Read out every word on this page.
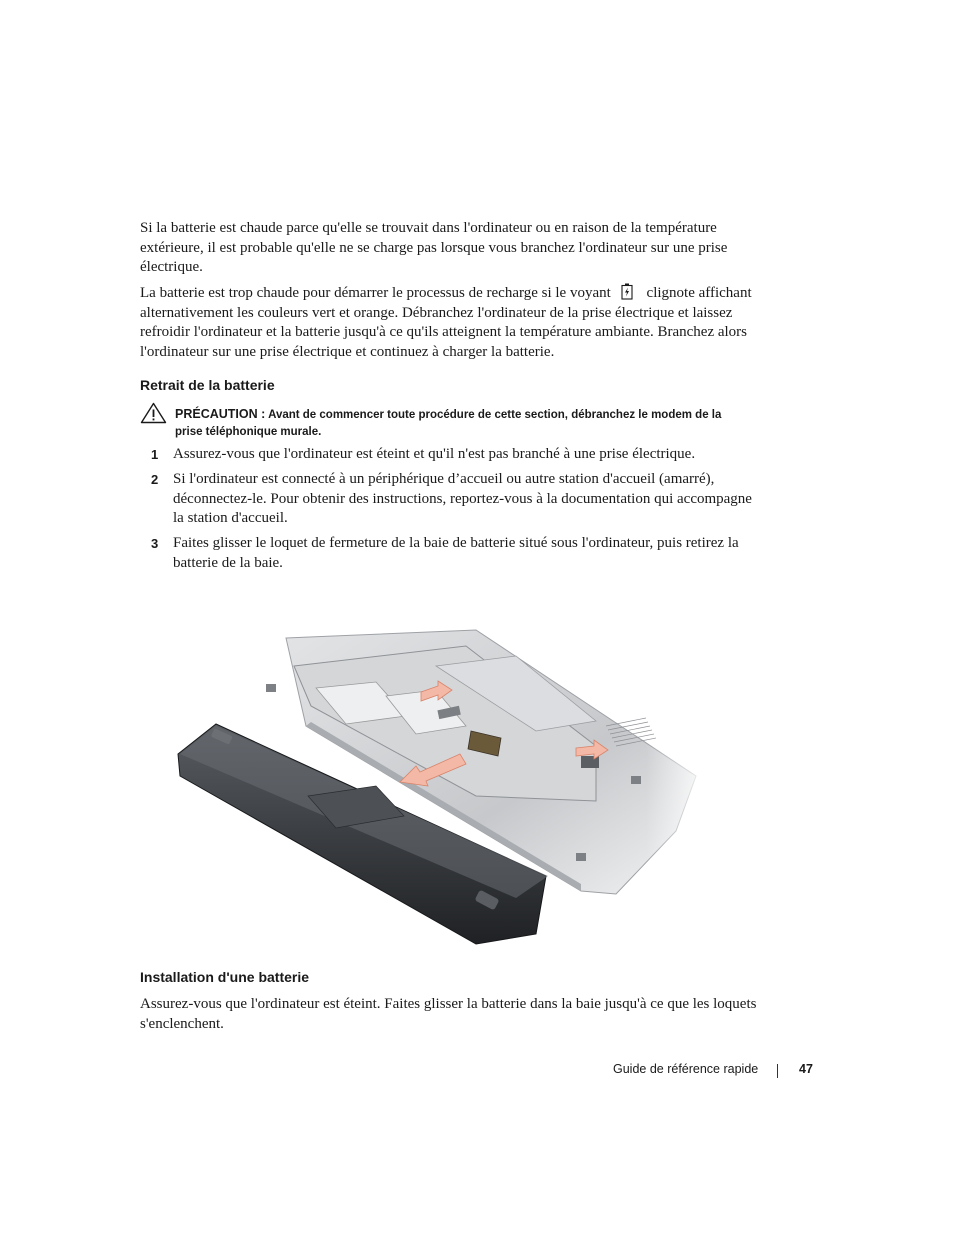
Si la batterie est chaude parce qu'elle se trouvait dans l'ordinateur ou en raison de la température extérieure, il est probable qu'elle ne se charge pas lorsque vous branchez l'ordinateur sur une prise électrique.

La batterie est trop chaude pour démarrer le processus de recharge si le voyant clignote affichant alternativement les couleurs vert et orange. Débranchez l'ordinateur de la prise électrique et laissez refroidir l'ordinateur et la batterie jusqu'à ce qu'ils atteignent la température ambiante. Branchez alors l'ordinateur sur une prise électrique et continuez à charger la batterie.

Retrait de la batterie
PRÉCAUTION : Avant de commencer toute procédure de cette section, débranchez le modem de la prise téléphonique murale.
1 Assurez-vous que l'ordinateur est éteint et qu'il n'est pas branché à une prise électrique.

2 Si l'ordinateur est connecté à un périphérique d’accueil ou autre station d'accueil (amarré), déconnectez-le. Pour obtenir des instructions, reportez-vous à la documentation qui accompagne la station d'accueil.

3 Faites glisser le loquet de fermeture de la baie de batterie situé sous l'ordinateur, puis retirez la batterie de la baie.

Installation d'une batterie

Assurez-vous que l'ordinateur est éteint. Faites glisser la batterie dans la baie jusqu'à ce que les loquets s'enclenchent.

Guide de référence rapide	47
